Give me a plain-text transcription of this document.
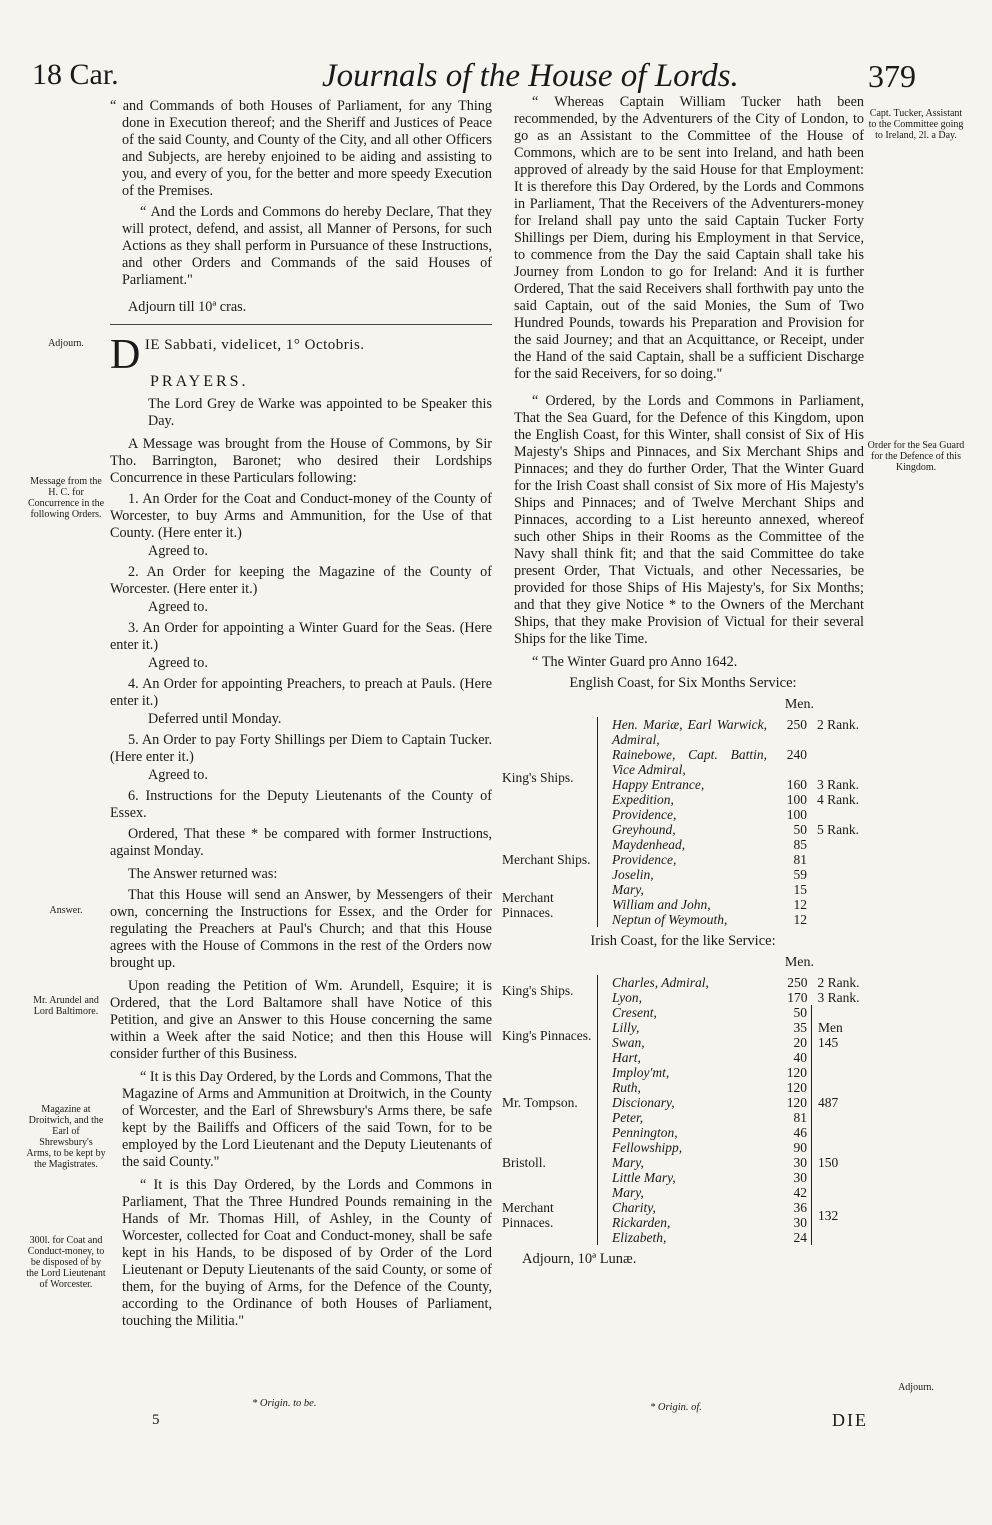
18 Car.	Journals of the House of Lords.	379
Adjourn.
Message from the H. C. for Concurrence in the following Orders.
Answer.
Mr. Arundel and Lord Baltimore.
Magazine at Droitwich, and the Earl of Shrewsbury's Arms, to be kept by the Magistrates.
300l. for Coat and Conduct-money, to be disposed of by the Lord Lieutenant of Worcester.
Capt. Tucker, Assistant to the Committee going to Ireland, 2l. a Day.
Order for the Sea Guard for the Defence of this Kingdom.
Adjourn.

“ and Commands of both Houses of Parliament, for any Thing done in Execution thereof; and the Sheriff and Justices of Peace of the said County, and County of the City, and all other Officers and Subjects, are hereby enjoined to be aiding and assisting to you, and every of you, for the better and more speedy Execution of the Premises.

“ And the Lords and Commons do hereby Declare, That they will protect, defend, and assist, all Manner of Persons, for such Actions as they shall perform in Pursuance of these Instructions, and other Orders and Commands of the said Houses of Parliament."

Adjourn till 10ª cras.

D IE Sabbati, videlicet, 1° Octobris.
PRAYERS.

The Lord Grey de Warke was appointed to be Speaker this Day.

A Message was brought from the House of Commons, by Sir Tho. Barrington, Baronet; who desired their Lordships Concurrence in these Particulars following:

1. An Order for the Coat and Conduct-money of the County of Worcester, to buy Arms and Ammunition, for the Use of that County. (Here enter it.)

Agreed to.

2. An Order for keeping the Magazine of the County of Worcester. (Here enter it.)

Agreed to.

3. An Order for appointing a Winter Guard for the Seas. (Here enter it.)

Agreed to.

4. An Order for appointing Preachers, to preach at Pauls. (Here enter it.)

Deferred until Monday.

5. An Order to pay Forty Shillings per Diem to Captain Tucker. (Here enter it.)

Agreed to.

6. Instructions for the Deputy Lieutenants of the County of Essex.

Ordered, That these * be compared with former Instructions, against Monday.

The Answer returned was:

That this House will send an Answer, by Messengers of their own, concerning the Instructions for Essex, and the Order for regulating the Preachers at Paul's Church; and that this House agrees with the House of Commons in the rest of the Orders now brought up.

Upon reading the Petition of Wm. Arundell, Esquire; it is Ordered, that the Lord Baltamore shall have Notice of this Petition, and give an Answer to this House concerning the same within a Week after the said Notice; and then this House will consider further of this Business.

“ It is this Day Ordered, by the Lords and Commons, That the Magazine of Arms and Ammunition at Droitwich, in the County of Worcester, and the Earl of Shrewsbury's Arms there, be safe kept by the Bailiffs and Officers of the said Town, for to be employed by the Lord Lieutenant and the Deputy Lieutenants of the said County."

“ It is this Day Ordered, by the Lords and Commons in Parliament, That the Three Hundred Pounds remaining in the Hands of Mr. Thomas Hill, of Ashley, in the County of Worcester, collected for Coat and Conduct-money, shall be safe kept in his Hands, to be disposed of by Order of the Lord Lieutenant or Deputy Lieutenants of the said County, or some of them, for the buying of Arms, for the Defence of the County, according to the Ordinance of both Houses of Parliament, touching the Militia."

* Origin. to be.
5

“ Whereas Captain William Tucker hath been recommended, by the Adventurers of the City of London, to go as an Assistant to the Committee of the House of Commons, which are to be sent into Ireland, and hath been approved of already by the said House for that Employment: It is therefore this Day Ordered, by the Lords and Commons in Parliament, That the Receivers of the Adventurers-money for Ireland shall pay unto the said Captain Tucker Forty Shillings per Diem, during his Employment in that Service, to commence from the Day the said Captain shall take his Journey from London to go for Ireland: And it is further Ordered, That the said Receivers shall forthwith pay unto the said Captain, out of the said Monies, the Sum of Two Hundred Pounds, towards his Preparation and Provision for the said Journey; and that an Acquittance, or Receipt, under the Hand of the said Captain, shall be a sufficient Discharge for the said Receivers, for so doing."

“ Ordered, by the Lords and Commons in Parliament, That the Sea Guard, for the Defence of this Kingdom, upon the English Coast, for this Winter, shall consist of Six of His Majesty's Ships and Pinnaces, and Six Merchant Ships and Pinnaces; and they do further Order, That the Winter Guard for the Irish Coast shall consist of Six more of His Majesty's Ships and Pinnaces; and of Twelve Merchant Ships and Pinnaces, according to a List hereunto annexed, whereof such other Ships in their Rooms as the Committee of the Navy shall think fit; and that the said Committee do take present Order, That Victuals, and other Necessaries, be provided for those Ships of His Majesty's, for Six Months; and that they give Notice * to the Owners of the Merchant Ships, that they make Provision of Victual for their several Ships for the like Time.

“ The Winter Guard pro Anno 1642.

English Coast, for Six Months Service:

Men.

King's Ships.		Hen. Mariæ, Earl Warwick, Admiral,	250	2 Rank.
		Rainebowe, Capt. Battin, Vice Admiral,	240	
		Happy Entrance,	160	3 Rank.
		Expedition,	100	4 Rank.
		Providence,	100	
		Greyhound,	50	5 Rank.
Merchant Ships.		Maydenhead,	85	
		Providence,	81	
		Joselin,	59	
Merchant Pinnaces.		Mary,	15	
		William and John,	12	
		Neptun of Weymouth,	12	

Irish Coast, for the like Service:

Men.

King's Ships.		Charles, Admiral,	250	2 Rank.
		Lyon,	170	3 Rank.
King's Pinnaces.		Cresent,	50	Men 145
		Lilly,	35	
		Swan,	20	
		Hart,	40	
Mr. Tompson.		Imploy'mt,	120	487
		Ruth,	120	
		Discionary,	120	
		Peter,	81	
		Pennington,	46	
Bristoll.		Fellowshipp,	90	150
		Mary,	30	
		Little Mary,	30	
Merchant Pinnaces.		Mary,	42	132
		Charity,	36	
		Rickarden,	30	
		Elizabeth,	24	

Adjourn, 10ª Lunæ.

* Origin. of.
DIE
